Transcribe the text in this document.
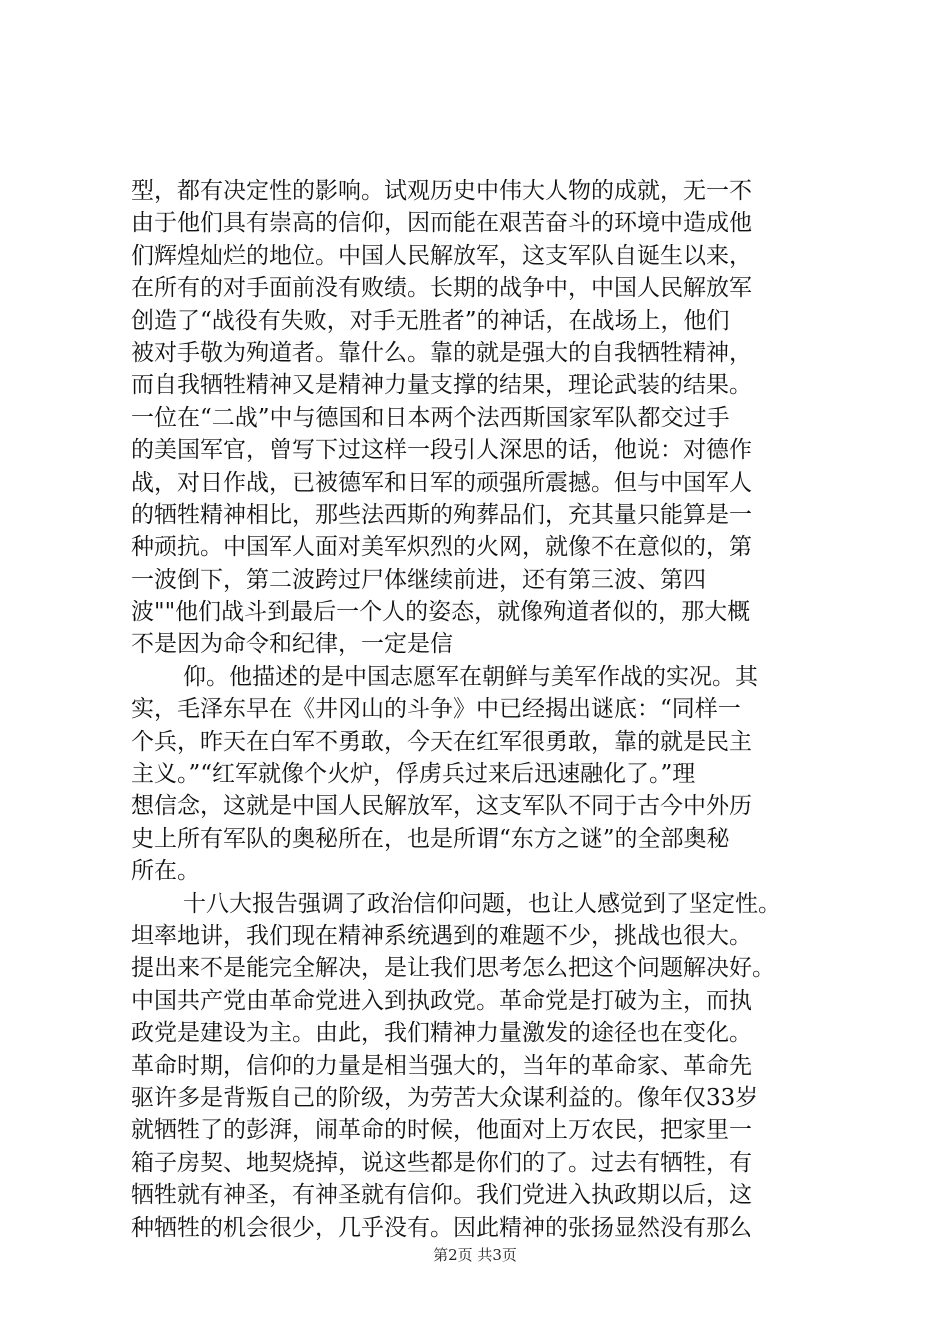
型，都有决定性的影响。试观历史中伟大人物的成就，无一不
由于他们具有崇高的信仰，因而能在艰苦奋斗的环境中造成他
们辉煌灿烂的地位。中国人民解放军，这支军队自诞生以来，
在所有的对手面前没有败绩。长期的战争中，中国人民解放军
创造了“战役有失败，对手无胜者”的神话，在战场上，他们
被对手敬为殉道者。靠什么。靠的就是强大的自我牺牲精神，
而自我牺牲精神又是精神力量支撑的结果，理论武装的结果。
一位在“二战”中与德国和日本两个法西斯国家军队都交过手
的美国军官，曾写下过这样一段引人深思的话，他说：对德作
战，对日作战，已被德军和日军的顽强所震撼。但与中国军人
的牺牲精神相比，那些法西斯的殉葬品们，充其量只能算是一
种顽抗。中国军人面对美军炽烈的火网，就像不在意似的，第
一波倒下，第二波跨过尸体继续前进，还有第三波、第四
波""他们战斗到最后一个人的姿态，就像殉道者似的，那大概
不是因为命令和纪律，一定是信
仰。他描述的是中国志愿军在朝鲜与美军作战的实况。其
实，毛泽东早在《井冈山的斗争》中已经揭出谜底：“同样一
个兵，昨天在白军不勇敢，今天在红军很勇敢，靠的就是民主
主义。”“红军就像个火炉，俘虏兵过来后迅速融化了。”理
想信念，这就是中国人民解放军，这支军队不同于古今中外历
史上所有军队的奥秘所在，也是所谓“东方之谜”的全部奥秘
所在。
十八大报告强调了政治信仰问题，也让人感觉到了坚定性。
坦率地讲，我们现在精神系统遇到的难题不少，挑战也很大。
提出来不是能完全解决，是让我们思考怎么把这个问题解决好。
中国共产党由革命党进入到执政党。革命党是打破为主，而执
政党是建设为主。由此，我们精神力量激发的途径也在变化。
革命时期，信仰的力量是相当强大的，当年的革命家、革命先
驱许多是背叛自己的阶级，为劳苦大众谋利益的。像年仅33岁
就牺牲了的彭湃，闹革命的时候，他面对上万农民，把家里一
箱子房契、地契烧掉，说这些都是你们的了。过去有牺牲，有
牺牲就有神圣，有神圣就有信仰。我们党进入执政期以后，这
种牺牲的机会很少，几乎没有。因此精神的张扬显然没有那么
第2页 共3页
